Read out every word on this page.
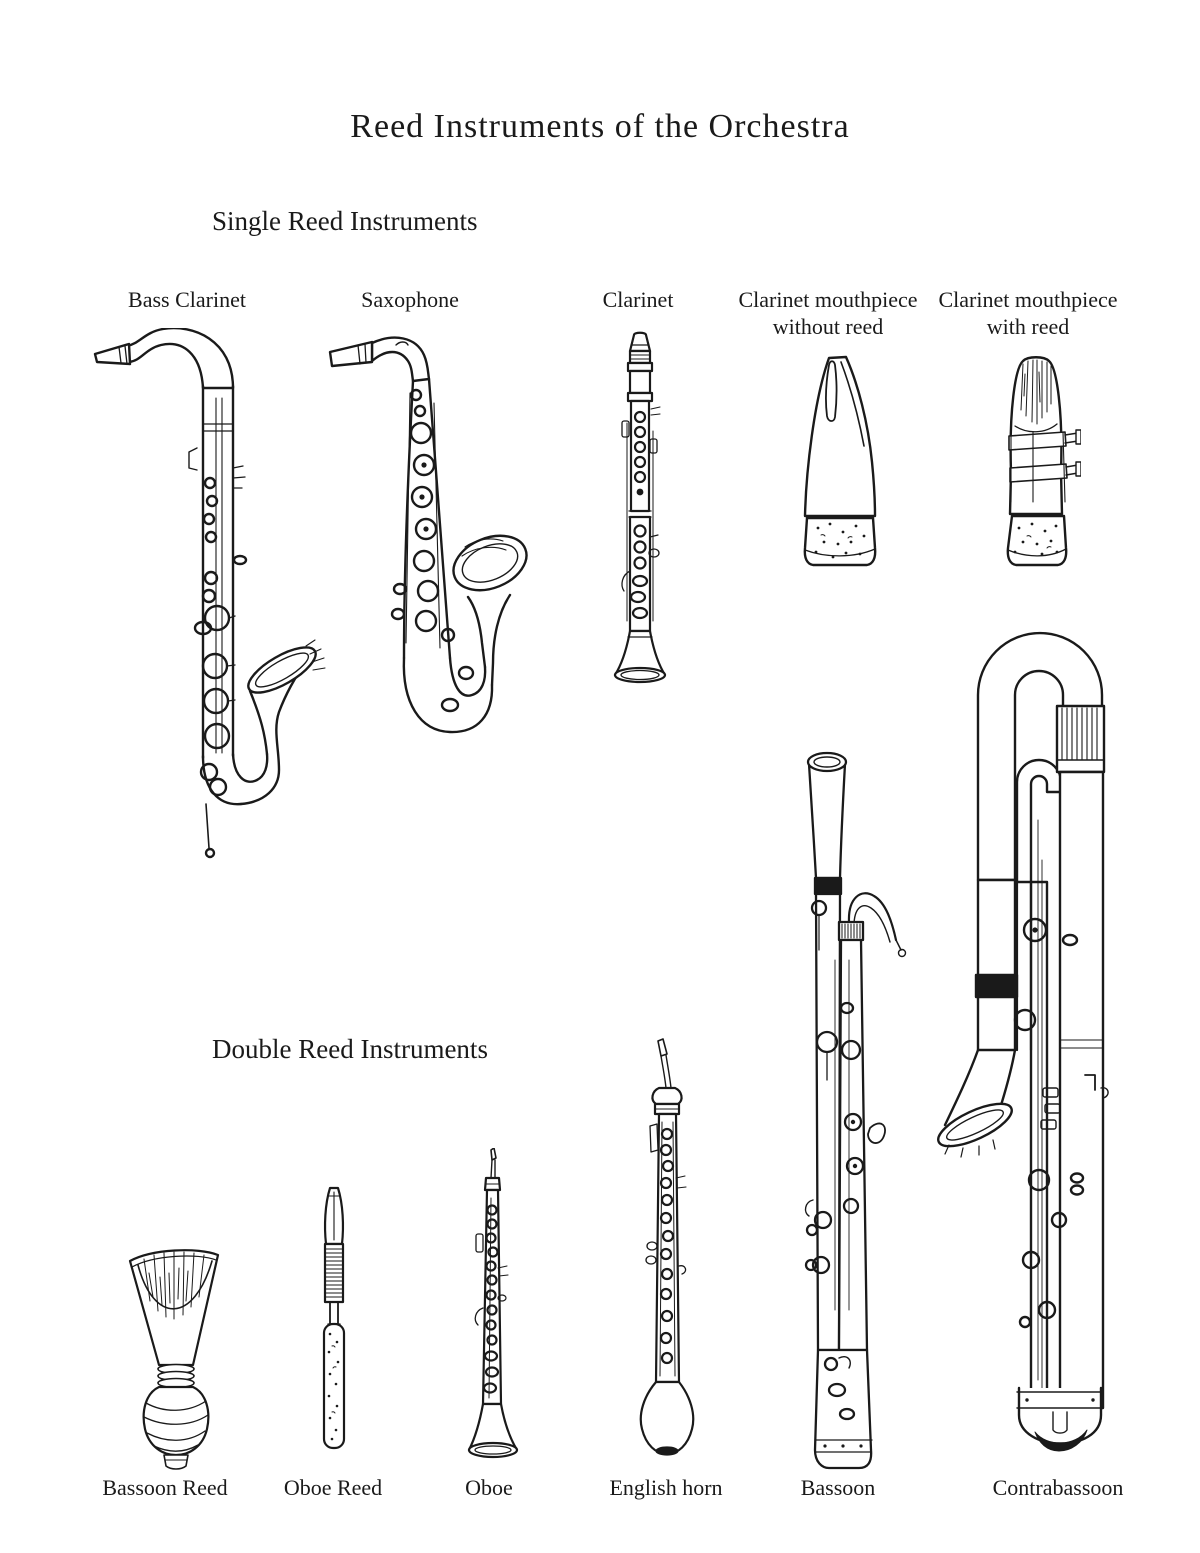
Reed Instruments of the Orchestra
Single Reed Instruments
Double Reed Instruments
Bass Clarinet	Saxophone	Clarinet	Clarinet mouthpiece
without reed
Clarinet mouthpiece
with reed
Bassoon Reed	Oboe Reed	Oboe	English horn	Bassoon	Contrabassoon
